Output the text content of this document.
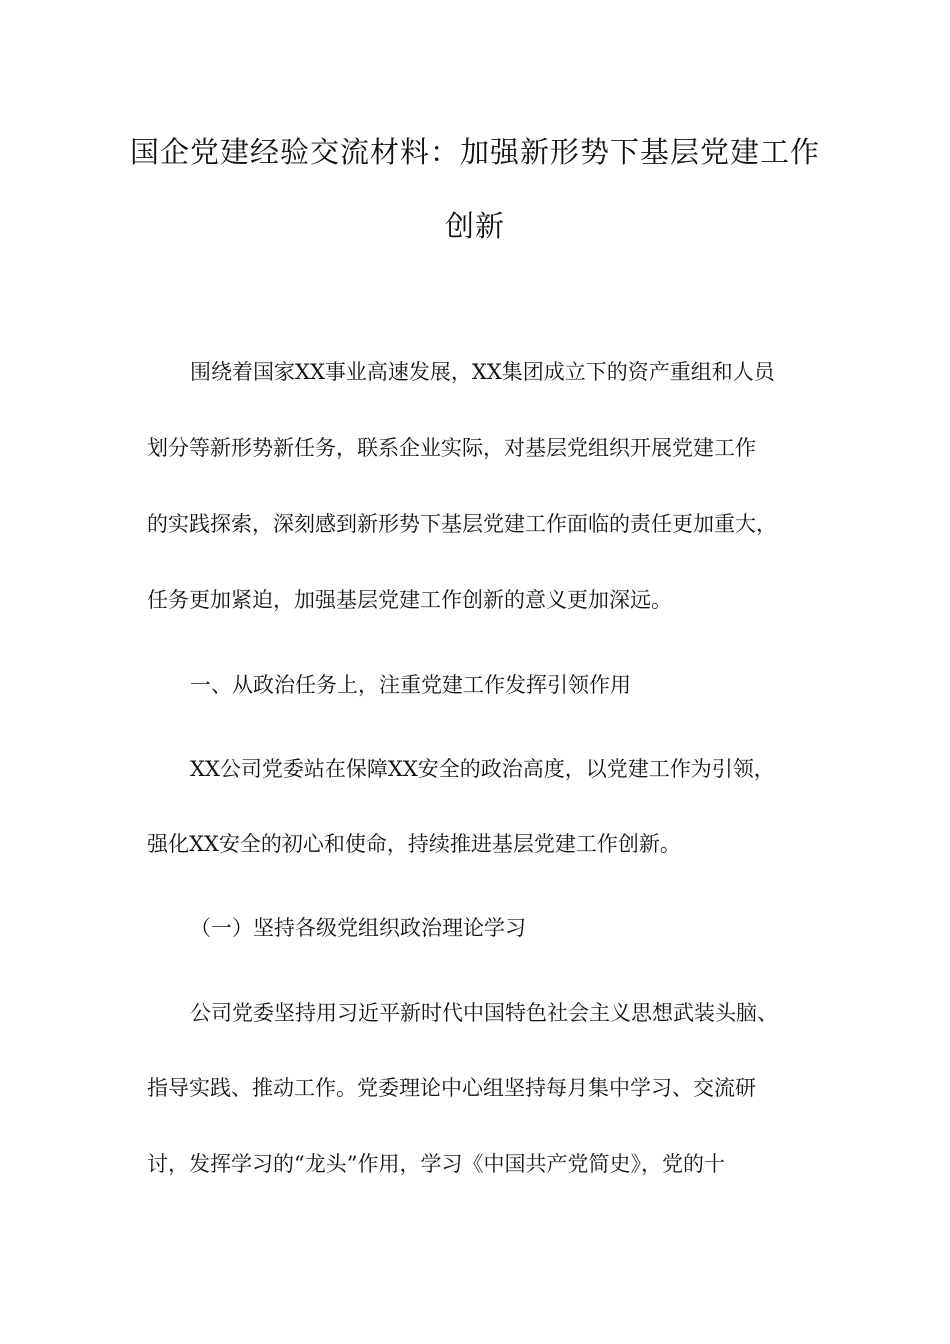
国企党建经验交流材料：加强新形势下基层党建工作
创新
围绕着国家XX事业高速发展，XX集团成立下的资产重组和人员
划分等新形势新任务，联系企业实际，对基层党组织开展党建工作
的实践探索，深刻感到新形势下基层党建工作面临的责任更加重大，
任务更加紧迫，加强基层党建工作创新的意义更加深远。
一、从政治任务上，注重党建工作发挥引领作用
XX公司党委站在保障XX安全的政治高度，以党建工作为引领，
强化XX安全的初心和使命，持续推进基层党建工作创新。
（一）坚持各级党组织政治理论学习
公司党委坚持用习近平新时代中国特色社会主义思想武装头脑、
指导实践、推动工作。党委理论中心组坚持每月集中学习、交流研
讨，发挥学习的“龙头”作用，学习《中国共产党简史》，党的十
